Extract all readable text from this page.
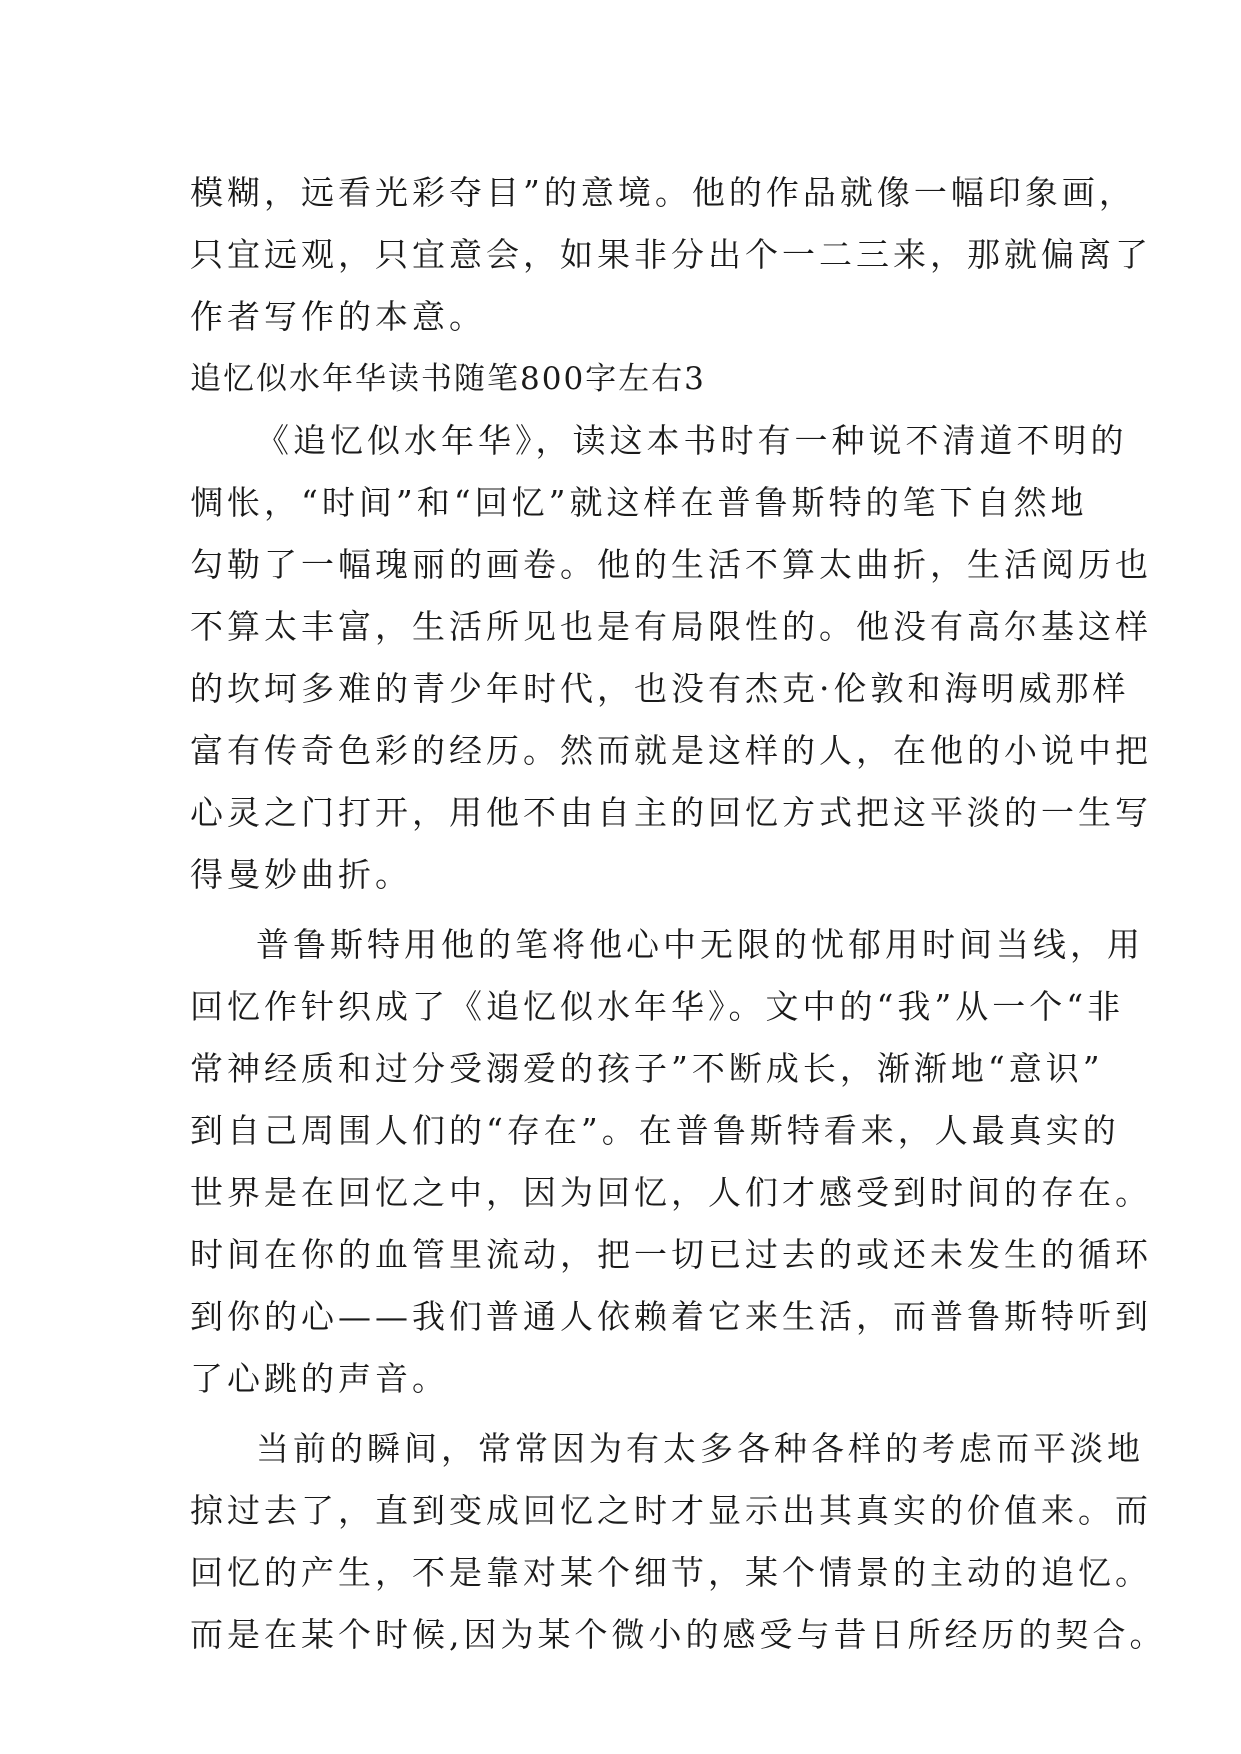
模糊，远看光彩夺目”的意境。他的作品就像一幅印象画，
只宜远观，只宜意会，如果非分出个一二三来，那就偏离了
作者写作的本意。
追忆似水年华读书随笔800字左右3
《追忆似水年华》，读这本书时有一种说不清道不明的
惆怅，“时间”和“回忆”就这样在普鲁斯特的笔下自然地
勾勒了一幅瑰丽的画卷。他的生活不算太曲折，生活阅历也
不算太丰富，生活所见也是有局限性的。他没有高尔基这样
的坎坷多难的青少年时代，也没有杰克·伦敦和海明威那样
富有传奇色彩的经历。然而就是这样的人，在他的小说中把
心灵之门打开，用他不由自主的回忆方式把这平淡的一生写
得曼妙曲折。
普鲁斯特用他的笔将他心中无限的忧郁用时间当线，用
回忆作针织成了《追忆似水年华》。文中的“我”从一个“非
常神经质和过分受溺爱的孩子”不断成长，渐渐地“意识”
到自己周围人们的“存在”。在普鲁斯特看来，人最真实的
世界是在回忆之中，因为回忆，人们才感受到时间的存在。
时间在你的血管里流动，把一切已过去的或还未发生的循环
到你的心——我们普通人依赖着它来生活，而普鲁斯特听到
了心跳的声音。
当前的瞬间，常常因为有太多各种各样的考虑而平淡地
掠过去了，直到变成回忆之时才显示出其真实的价值来。而
回忆的产生，不是靠对某个细节，某个情景的主动的追忆。
而是在某个时候,因为某个微小的感受与昔日所经历的契合。
